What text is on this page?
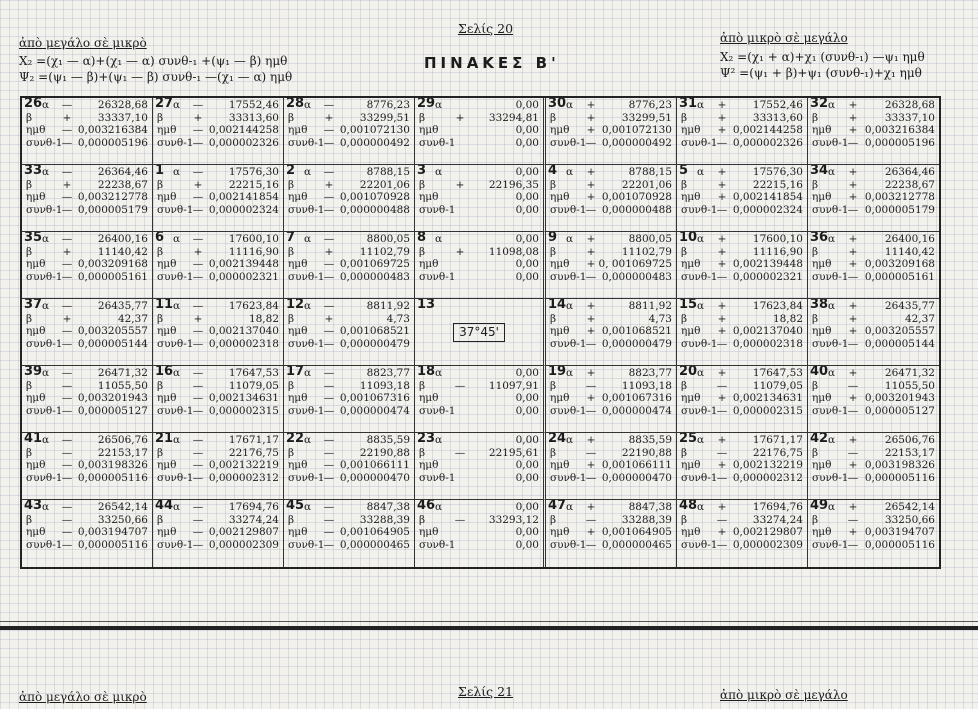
Σελίς 20
ΠΙΝΑΚΕΣ Β'
ἀπὸ μεγάλο σὲ μικρὸ
X₂ =(χ₁ — α)+(χ₁ — α) συνθ-₁ +(ψ₁ — β) ημθ
Ψ₂ =(ψ₁ — β)+(ψ₁ — β) συνθ-₁ —(χ₁ — α) ημθ
ἀπὸ μικρὸ σὲ μεγάλο
X₂ =(χ₁ + α)+χ₁ (συνθ-₁) —ψ₁ ημθ
Ψ² =(ψ₁ + β)+ψ₁ (συνθ-₁)+χ₁ ημθ
26 α	—	26328,68
β	+	33337,10
ημθ	— 0,003216384
συνθ-1 — 0,000005196
27 α	—	17552,46
β	+	33313,60
ημθ	— 0,002144258
συνθ-1 — 0,000002326
28 α	—	8776,23
β	+	33299,51
ημθ	— 0,001072130
συνθ-1 — 0,000000492
29 α	0,00
β	+	33294,81
ημθ	0,00
συνθ-1	0,00
30 α	+	8776,23
β	+	33299,51
ημθ	+ 0,001072130
συνθ-1 — 0,000000492
31 α	+	17552,46
β	+	33313,60
ημθ	+ 0,002144258
συνθ-1 — 0,000002326
32 α	+	26328,68
β	+	33337,10
ημθ	+ 0,003216384
συνθ-1 — 0,000005196
33 α	—	26364,46
β	+	22238,67
ημθ	— 0,003212778
συνθ-1 — 0,000005179
1 α	—	17576,30
β	+	22215,16
ημθ	— 0,002141854
συνθ-1 — 0,000002324
2 α	—	8788,15
β	+	22201,06
ημθ	— 0,001070928
συνθ-1 — 0,000000488
3 α	0,00
β	+	22196,35
ημθ	0,00
συνθ-1	0,00
4 α	+	8788,15
β	+	22201,06
ημθ	+ 0,001070928
συνθ-1 — 0,000000488
5 α	+	17576,30
β	+	22215,16
ημθ	+ 0,002141854
συνθ-1 — 0,000002324
34 α	+	26364,46
β	+	22238,67
ημθ	+ 0,003212778
συνθ-1 — 0,000005179
35 α	—	26400,16
β	+	11140,42
ημθ	— 0,003209168
συνθ-1 — 0,000005161
6 α	—	17600,10
β	+	11116,90
ημθ	— 0,002139448
συνθ-1 — 0,000002321
7 α	—	8800,05
β	+	11102,79
ημθ	— 0,001069725
συνθ-1 — 0,000000483
8 α	0,00
β	+	11098,08
ημθ	0,00
συνθ-1	0,00
9 α	+	8800,05
β	+	11102,79
ημθ	+ 0, 001069725
συνθ-1 — 0,000000483
10 α	+	17600,10
β	+	11116,90
ημθ	+ 0,002139448
συνθ-1 — 0,000002321
36 α	+	26400,16
β	+	11140,42
ημθ	+ 0,003209168
συνθ-1 — 0,000005161
37 α	—	26435,77
β	+	42,37
ημθ	— 0,003205557
συνθ-1 — 0,000005144
11 α	—	17623,84
β	+	18,82
ημθ	— 0,002137040
συνθ-1 — 0,000002318
12 α	—	8811,92
β	+	4,73
ημθ	— 0,001068521
συνθ-1 — 0,000000479
13
37°45'
14 α	+	8811,92
β	+	4,73
ημθ	+ 0,001068521
συνθ-1 — 0,000000479
15 α	+	17623,84
β	+	18,82
ημθ	+ 0,002137040
συνθ-1 — 0,000002318
38 α	+	26435,77
β	+	42,37
ημθ	+ 0,003205557
συνθ-1 — 0,000005144
39 α	—	26471,32
β	—	11055,50
ημθ	— 0,003201943
συνθ-1 — 0,000005127
16 α	—	17647,53
β	—	11079,05
ημθ	— 0,002134631
συνθ-1 — 0,000002315
17 α	—	8823,77
β	—	11093,18
ημθ	— 0,001067316
συνθ-1 — 0,000000474
18 α	0,00
β	—	11097,91
ημθ	0,00
συνθ-1	0,00
19 α	+	8823,77
β	—	11093,18
ημθ	+ 0,001067316
συνθ-1 — 0,000000474
20 α	+	17647,53
β	—	11079,05
ημθ	+ 0,002134631
συνθ-1 — 0,000002315
40 α	+	26471,32
β	—	11055,50
ημθ	+ 0,003201943
συνθ-1 — 0,000005127
41 α	—	26506,76
β	—	22153,17
ημθ	— 0,003198326
συνθ-1 — 0,000005116
21 α	—	17671,17
β	—	22176,75
ημθ	— 0,002132219
συνθ-1 — 0,000002312
22 α	—	8835,59
β	—	22190,88
ημθ	— 0,001066111
συνθ-1 — 0,000000470
23 α	0,00
β	—	22195,61
ημθ	0,00
συνθ-1	0,00
24 α	+	8835,59
β	—	22190,88
ημθ	+ 0,001066111
συνθ-1 — 0,000000470
25 α	+	17671,17
β	—	22176,75
ημθ	+ 0,002132219
συνθ-1 — 0,000002312
42 α	+	26506,76
β	—	22153,17
ημθ	+ 0,003198326
συνθ-1 — 0,000005116
43 α	—	26542,14
β	—	33250,66
ημθ	— 0,003194707
συνθ-1 — 0,000005116
44 α	—	17694,76
β	—	33274,24
ημθ	— 0,002129807
συνθ-1 — 0,000002309
45 α	—	8847,38
β	—	33288,39
ημθ	— 0,001064905
συνθ-1 — 0,000000465
46 α	0,00
β	—	33293,12
ημθ	0,00
συνθ-1	0,00
47 α	+	8847,38
β	—	33288,39
ημθ	+ 0,001064905
συνθ-1 — 0,000000465
48 α	+	17694,76
β	—	33274,24
ημθ	+ 0,002129807
συνθ-1 — 0,000002309
49 α	+	26542,14
β	—	33250,66
ημθ	+ 0,003194707
συνθ-1 — 0,000005116
Σελίς 21
ἀπὸ μεγάλο σὲ μικρὸ	ἀπὸ μικρὸ σὲ μεγάλο
